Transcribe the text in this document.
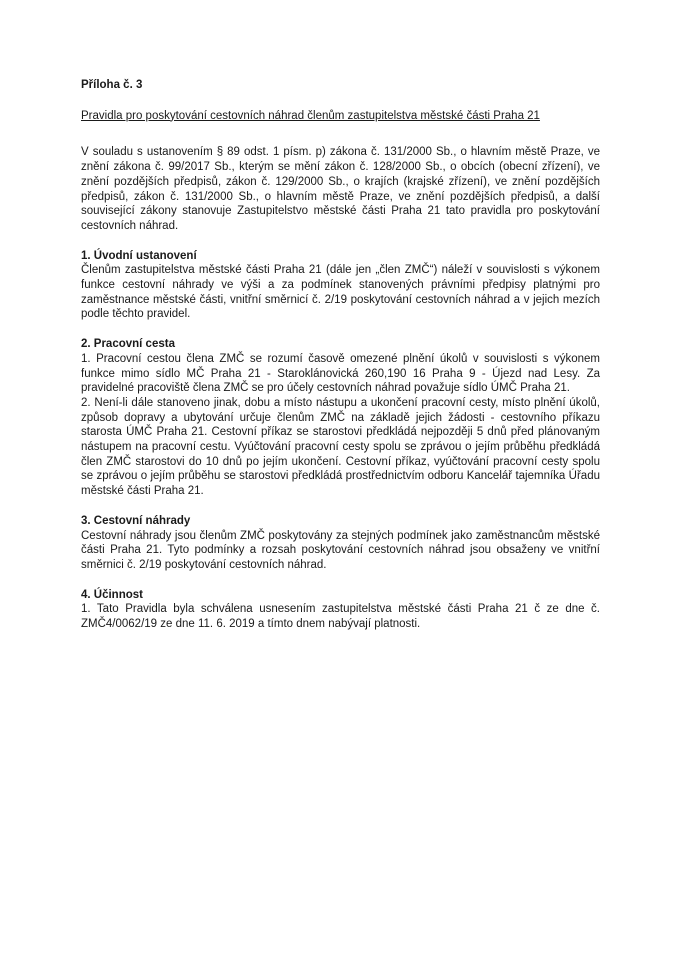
Příloha č. 3

Pravidla pro poskytování cestovních náhrad členům zastupitelstva městské části Praha 21

V souladu s ustanovením § 89 odst. 1 písm. p) zákona č. 131/2000 Sb., o hlavním městě Praze, ve znění zákona č. 99/2017 Sb., kterým se mění zákon č. 128/2000 Sb., o obcích (obecní zřízení), ve znění pozdějších předpisů, zákon č. 129/2000 Sb., o krajích (krajské zřízení), ve znění pozdějších předpisů, zákon č. 131/2000 Sb., o hlavním městě Praze, ve znění pozdějších předpisů, a další související zákony stanovuje Zastupitelstvo městské části Praha 21 tato pravidla pro poskytování cestovních náhrad.

1. Úvodní ustanovení

Členům zastupitelstva městské části Praha 21 (dále jen „člen ZMČ“) náleží v souvislosti s výkonem funkce cestovní náhrady ve výši a za podmínek stanovených právními předpisy platnými pro zaměstnance městské části, vnitřní směrnicí č. 2/19 poskytování cestovních náhrad a v jejich mezích podle těchto pravidel.

2. Pracovní cesta

1. Pracovní cestou člena ZMČ se rozumí časově omezené plnění úkolů v souvislosti s výkonem funkce mimo sídlo MČ Praha 21 - Staroklánovická 260,190 16 Praha 9 - Újezd nad Lesy. Za pravidelné pracoviště člena ZMČ se pro účely cestovních náhrad považuje sídlo ÚMČ Praha 21.

2. Není-li dále stanoveno jinak, dobu a místo nástupu a ukončení pracovní cesty, místo plnění úkolů, způsob dopravy a ubytování určuje členům ZMČ na základě jejich žádosti - cestovního příkazu starosta ÚMČ Praha 21. Cestovní příkaz se starostovi předkládá nejpozději 5 dnů před plánovaným nástupem na pracovní cestu. Vyúčtování pracovní cesty spolu se zprávou o jejím průběhu předkládá člen ZMČ starostovi do 10 dnů po jejím ukončení. Cestovní příkaz, vyúčtování pracovní cesty spolu se zprávou o jejím průběhu se starostovi předkládá prostřednictvím odboru Kancelář tajemníka Úřadu městské části Praha 21.

3. Cestovní náhrady

Cestovní náhrady jsou členům ZMČ poskytovány za stejných podmínek jako zaměstnancům městské části Praha 21. Tyto podmínky a rozsah poskytování cestovních náhrad jsou obsaženy ve vnitřní směrnici č. 2/19 poskytování cestovních náhrad.

4. Účinnost

1. Tato Pravidla byla schválena usnesením zastupitelstva městské části Praha 21 č ze dne č. ZMČ4/0062/19 ze dne 11. 6. 2019 a tímto dnem nabývají platnosti.
